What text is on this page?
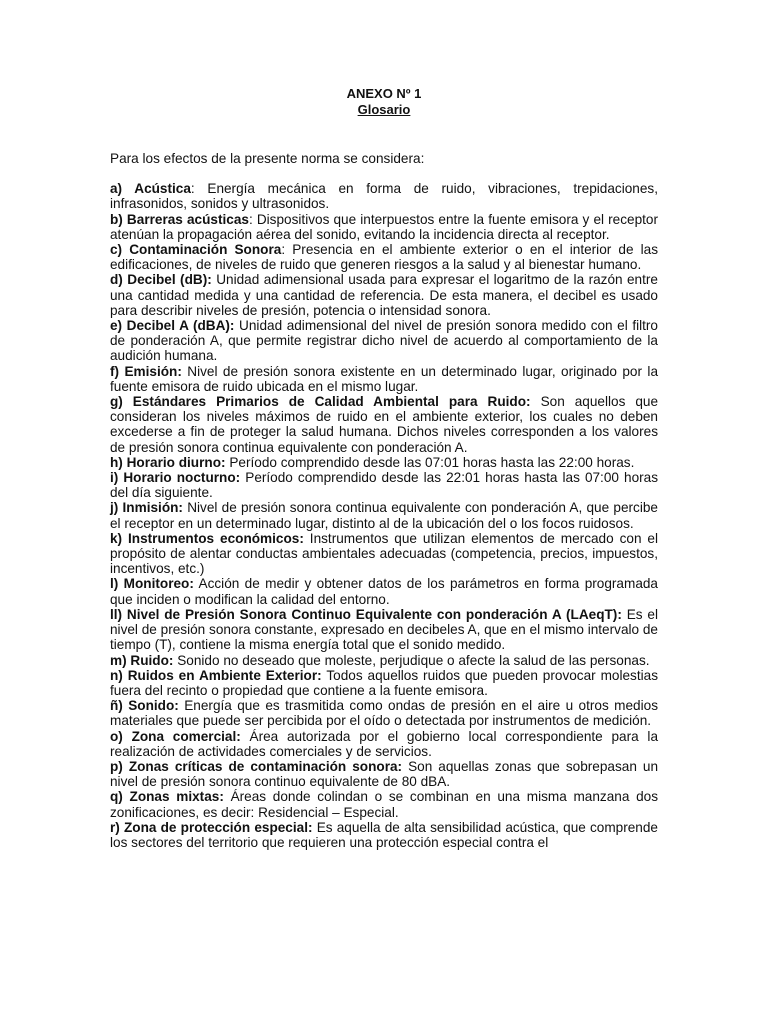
ANEXO Nº 1
Glosario
Para los efectos de la presente norma se considera:

a) Acústica: Energía mecánica en forma de ruido, vibraciones, trepidaciones, infrasonidos, sonidos y ultrasonidos.

b) Barreras acústicas: Dispositivos que interpuestos entre la fuente emisora y el receptor atenúan la propagación aérea del sonido, evitando la incidencia directa al receptor.

c) Contaminación Sonora: Presencia en el ambiente exterior o en el interior de las edificaciones, de niveles de ruido que generen riesgos a la salud y al bienestar humano.

d) Decibel (dB): Unidad adimensional usada para expresar el logaritmo de la razón entre una cantidad medida y una cantidad de referencia. De esta manera, el decibel es usado para describir niveles de presión, potencia o intensidad sonora.

e) Decibel A (dBA): Unidad adimensional del nivel de presión sonora medido con el filtro de ponderación A, que permite registrar dicho nivel de acuerdo al comportamiento de la audición humana.

f) Emisión: Nivel de presión sonora existente en un determinado lugar, originado por la fuente emisora de ruido ubicada en el mismo lugar.

g) Estándares Primarios de Calidad Ambiental para Ruido: Son aquellos que consideran los niveles máximos de ruido en el ambiente exterior, los cuales no deben excederse a fin de proteger la salud humana. Dichos niveles corresponden a los valores de presión sonora continua equivalente con ponderación A.

h) Horario diurno: Período comprendido desde las 07:01 horas hasta las 22:00 horas.

i) Horario nocturno: Período comprendido desde las 22:01 horas hasta las 07:00 horas del día siguiente.

j) Inmisión: Nivel de presión sonora continua equivalente con ponderación A, que percibe el receptor en un determinado lugar, distinto al de la ubicación del o los focos ruidosos.

k) Instrumentos económicos: Instrumentos que utilizan elementos de mercado con el propósito de alentar conductas ambientales adecuadas (competencia, precios, impuestos, incentivos, etc.)

l) Monitoreo: Acción de medir y obtener datos de los parámetros en forma programada que inciden o modifican la calidad del entorno.

ll) Nivel de Presión Sonora Continuo Equivalente con ponderación A (LAeqT): Es el nivel de presión sonora constante, expresado en decibeles A, que en el mismo intervalo de tiempo (T), contiene la misma energía total que el sonido medido.

m) Ruido: Sonido no deseado que moleste, perjudique o afecte la salud de las personas.

n) Ruidos en Ambiente Exterior: Todos aquellos ruidos que pueden provocar molestias fuera del recinto o propiedad que contiene a la fuente emisora.

ñ) Sonido: Energía que es trasmitida como ondas de presión en el aire u otros medios materiales que puede ser percibida por el oído o detectada por instrumentos de medición.

o) Zona comercial: Área autorizada por el gobierno local correspondiente para la realización de actividades comerciales y de servicios.

p) Zonas críticas de contaminación sonora: Son aquellas zonas que sobrepasan un nivel de presión sonora continuo equivalente de 80 dBA.

q) Zonas mixtas: Áreas donde colindan o se combinan en una misma manzana dos zonificaciones, es decir: Residencial – Especial.

r) Zona de protección especial: Es aquella de alta sensibilidad acústica, que comprende los sectores del territorio que requieren una protección especial contra el
